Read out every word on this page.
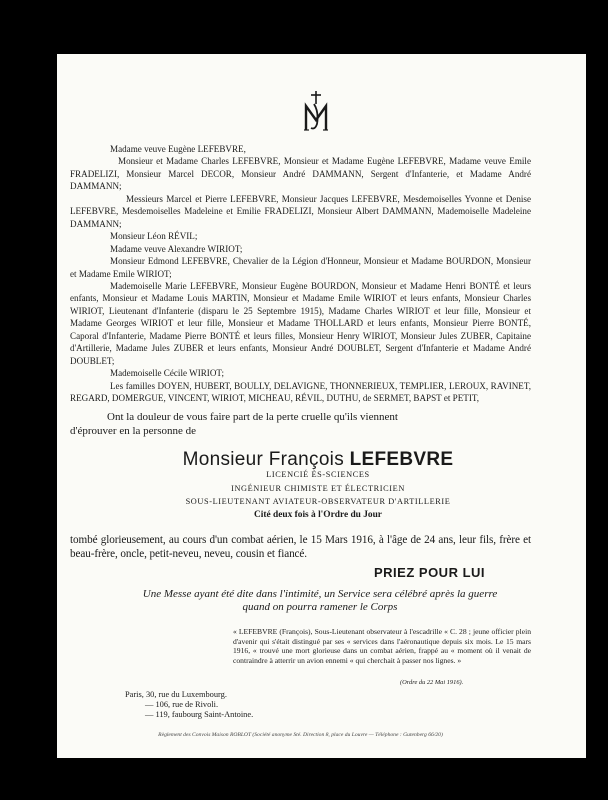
Madame veuve Eugène LEFEBVRE,

Monsieur et Madame Charles LEFEBVRE, Monsieur et Madame Eugène LEFEBVRE, Madame veuve Emile FRADELIZI, Monsieur Marcel DECOR, Monsieur André DAMMANN, Sergent d'Infanterie, et Madame André DAMMANN;

Messieurs Marcel et Pierre LEFEBVRE, Monsieur Jacques LEFEBVRE, Mesdemoiselles Yvonne et Denise LEFEBVRE, Mesdemoiselles Madeleine et Emilie FRADELIZI, Monsieur Albert DAMMANN, Mademoiselle Madeleine DAMMANN;

Monsieur Léon RÉVIL;

Madame veuve Alexandre WIRIOT;

Monsieur Edmond LEFEBVRE, Chevalier de la Légion d'Honneur, Monsieur et Madame BOURDON, Monsieur et Madame Emile WIRIOT;

Mademoiselle Marie LEFEBVRE, Monsieur Eugène BOURDON, Monsieur et Madame Henri BONTÉ et leurs enfants, Monsieur et Madame Louis MARTIN, Monsieur et Madame Emile WIRIOT et leurs enfants, Monsieur Charles WIRIOT, Lieutenant d'Infanterie (disparu le 25 Septembre 1915), Madame Charles WIRIOT et leur fille, Monsieur et Madame Georges WIRIOT et leur fille, Monsieur et Madame THOLLARD et leurs enfants, Monsieur Pierre BONTÉ, Caporal d'Infanterie, Madame Pierre BONTÉ et leurs filles, Monsieur Henry WIRIOT, Monsieur Jules ZUBER, Capitaine d'Artillerie, Madame Jules ZUBER et leurs enfants, Monsieur André DOUBLET, Sergent d'Infanterie et Madame André DOUBLET;

Mademoiselle Cécile WIRIOT;

Les familles DOYEN, HUBERT, BOULLY, DELAVIGNE, THONNERIEUX, TEMPLIER, LEROUX, RAVINET, REGARD, DOMERGUE, VINCENT, WIRIOT, MICHEAU, RÉVIL, DUTHU, de SERMET, BAPST et PETIT,

Ont la douleur de vous faire part de la perte cruelle qu'ils viennent
d'éprouver en la personne de
Monsieur François LEFEBVRE
LICENCIÉ ÈS-SCIENCES
INGÉNIEUR CHIMISTE ET ÉLECTRICIEN
SOUS-LIEUTENANT AVIATEUR-OBSERVATEUR D'ARTILLERIE
Cité deux fois à l'Ordre du Jour
tombé glorieusement, au cours d'un combat aérien, le 15 Mars 1916, à l'âge de 24 ans, leur fils, frère et beau-frère, oncle, petit-neveu, neveu, cousin et fiancé.
PRIEZ POUR LUI
Une Messe ayant été dite dans l'intimité, un Service sera célébré après la guerre
quand on pourra ramener le Corps

« LEFEBVRE (François), Sous-Lieutenant observateur à l'escadrille « C. 28 ; jeune officier plein d'avenir qui s'était distingué par ses « services dans l'aéronautique depuis six mois. Le 15 mars 1916, « trouvé une mort glorieuse dans un combat aérien, frappé au « moment où il venait de contraindre à atterrir un avion ennemi « qui cherchait à passer nos lignes. »

(Ordre du 22 Mai 1916).
Paris, 30, rue du Luxembourg.
— 106, rue de Rivoli.
— 119, faubourg Saint-Antoine.
Règlement des Convois Maison ROBLOT (Société anonyme Sté. Direction 8, place du Louvre — Téléphone : Gutenberg 66/20)
